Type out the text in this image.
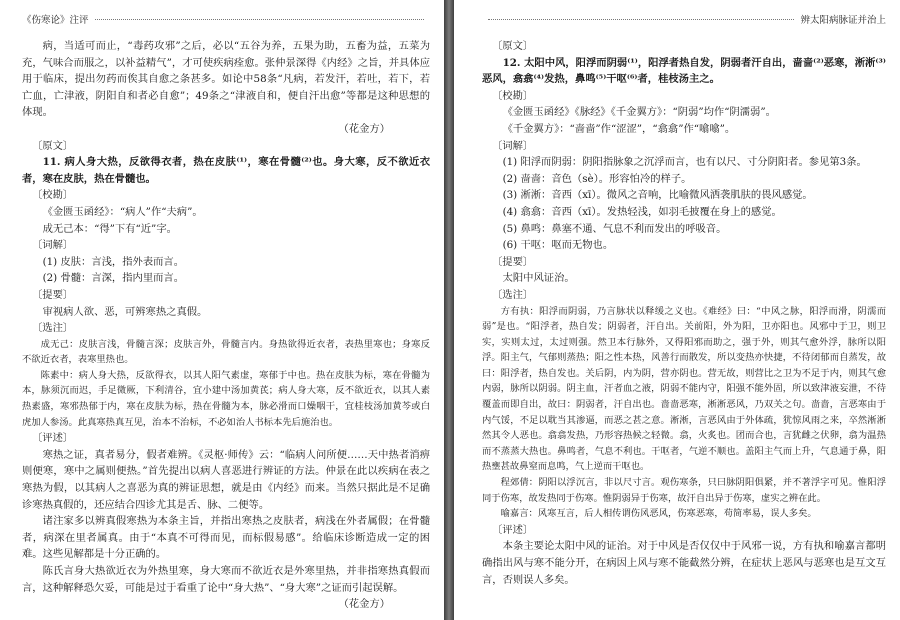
《伤寒论》注评

病，当适可而止，“毒药攻邪”之后，必以“五谷为养，五果为助，五畜为益，五菜为充，气味合而服之，以补益精气”，才可使疾病痊愈。张仲景深得《内经》之旨，并具体应用于临床，提出勿药而俟其自愈之条甚多。如论中58条“凡病，若发汗，若吐，若下，若亡血，亡津液，阴阳自和者必自愈”；49条之“津液自和，便自汗出愈”等都是这种思想的体现。

（花金方）

〔原文〕

11. 病人身大热，反欲得衣者，热在皮肤⁽¹⁾，寒在骨髓⁽²⁾也。身大寒，反不欲近衣者，寒在皮肤，热在骨髓也。

〔校勘〕

《金匮玉函经》：“病人”作“夫病”。

成无己本：“得”下有“近”字。

〔词解〕

(1) 皮肤：言浅，指外表而言。

(2) 骨髓：言深，指内里而言。

〔提要〕

审视病人欲、恶，可辨寒热之真假。

〔选注〕

成无己：皮肤言浅，骨髓言深；皮肤言外，骨髓言内。身热欲得近衣者，表热里寒也；身寒反不欲近衣者，表寒里热也。

陈素中：病人身大热，反欲得衣，以其人阳气素虚，寒郁于中也。热在皮肤为标，寒在骨髓为本，脉须沉而迟，手足微厥，下利清谷，宜小建中汤加黄芪；病人身大寒，反不欲近衣，以其人素热素盛，寒邪热郁于内，寒在皮肤为标，热在骨髓为本，脉必滑而口燥咽干，宜桂枝汤加黄芩或白虎加人参汤。此真寒热真互见，治本不治标，不必如治人书标本先后施治也。

〔评述〕

寒热之证，真者易分，假者难辨。《灵枢·师传》云：“临病人问所便……天中热者消痹则便寒，寒中之属则便热。”首先提出以病人喜恶进行辨证的方法。仲景在此以疾病在表之寒热为假，以其病人之喜恶为真的辨证思想，就是由《内经》而来。当然只据此是不足确诊寒热真假的，还应结合四诊尤其是舌、脉、二便等。

诸注家多以辨真假寒热为本条主旨，并指出寒热之皮肤者，病浅在外者属假；在骨髓者，病深在里者属真。由于“本真不可得而见，而标假易感”。给临床诊断造成一定的困难。这些见解都是十分正确的。

陈氏言身大热欲近衣为外热里寒，身大寒而不欲近衣是外寒里热，并非指寒热真假而言，这种解释恐欠妥，可能是过于看重了论中“身大热”、“身大寒”之证而引起误解。

（花金方）

辨太阳病脉证并治上

〔原文〕

12. 太阳中风，阳浮而阴弱⁽¹⁾，阳浮者热自发，阴弱者汗自出，啬啬⁽²⁾恶寒，淅淅⁽³⁾恶风，翕翕⁽⁴⁾发热，鼻鸣⁽⁵⁾干呕⁽⁶⁾者，桂枝汤主之。

〔校勘〕

《金匮玉函经》《脉经》《千金翼方》：“阴弱”均作“阴濡弱”。

《千金翼方》：“啬啬”作“涩涩”，“翕翕”作“噏噏”。

〔词解〕

(1) 阳浮而阴弱：阴阳指脉象之沉浮而言，也有以尺、寸分阴阳者。参见第3条。

(2) 啬啬：音色（sè）。形容怕冷的样子。

(3) 淅淅：音西（xī）。微风之音响，比喻微风洒袭肌肤的畏风感觉。

(4) 翕翕：音西（xī）。发热轻浅，如羽毛披覆在身上的感觉。

(5) 鼻鸣：鼻塞不通、气息不利而发出的呼吸音。

(6) 干呕：呕而无物也。

〔提要〕

太阳中风证治。

〔选注〕

方有执：阳浮而阴弱，乃言脉状以释缓之义也。《难经》曰：“中风之脉，阳浮而滑，阴濡而弱”是也。“阳浮者，热自发；阴弱者，汗自出。关前阳，外为阳，卫亦阳也。风邪中于卫，则卫实，实则太过，太过则强。然卫本行脉外，又得阳邪而助之，强于外，则其气愈外浮，脉所以阳浮。阳主气，气郁则蒸热；阳之性本热，风善行而散发，所以变热亦快捷，不待闭郁而自蒸发，故曰：阳浮者，热自发也。关后阴，内为阴，营亦阴也。营无故，则营比之卫为不足于内，则其气愈内弱，脉所以阴弱。阴主血，汗者血之液，阴弱不能内守，阳强不能外固，所以致津液妄泄，不待覆盖而即自出，故曰：阴弱者，汗自出也。啬啬恶寒，淅淅恶风，乃双关之句。啬啬，言恶寒由于内气馁，不足以耽当其渗逼，而恶之甚之意。淅淅，言恶风由于外体疏，犹惊风雨之来，卒然淅淅然其令人恶也。翕翕发热，乃形容热候之轻微。翕，火炙也。团而合也，言犹雌之伏卵，翕为温热而不蒸蒸大热也。鼻鸣者，气息不利也。干呕者，气逆不顺也。盖阳主气而上升，气息通于鼻，阳热壅甚故鼻窒而息鸣，气上逆而干呕也。

程郊倩：阴阳以浮沉言，非以尺寸言。观伤寒条，只曰脉阴阳俱紧，并不著浮字可见。惟阳浮同于伤寒，故发热同于伤寒。惟阴弱异于伤寒，故汗自出异于伤寒，虚实之辨在此。

喻嘉言：风寒互言，后人相传谓伤风恶风，伤寒恶寒，苟简率易，误人多矣。

〔评述〕

本条主要论太阳中风的证治。对于中风是否仅仅中于风邪一说，方有执和喻嘉言都明确指出风与寒不能分开，在病因上风与寒不能截然分辨，在症状上恶风与恶寒也是互文互言，否则误人多矣。
